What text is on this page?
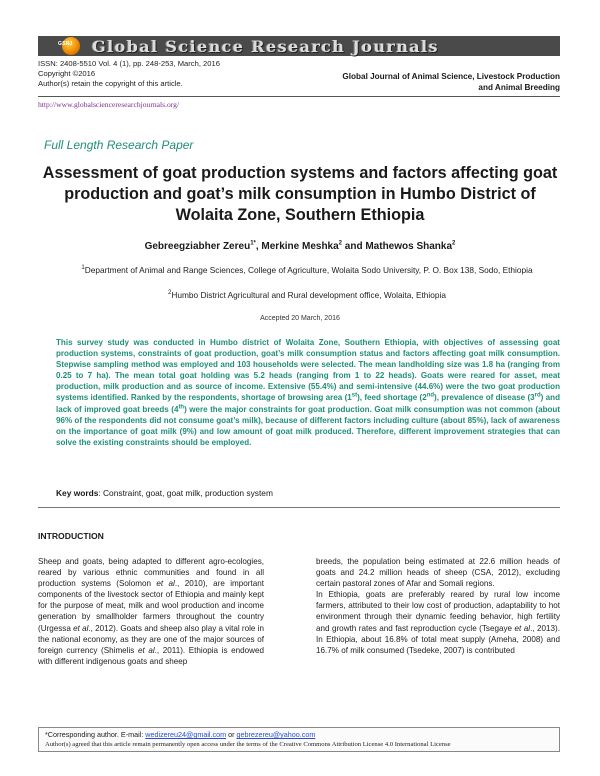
GSRJ Global Science Research Journals
ISSN: 2408-5510 Vol. 4 (1), pp. 248-253, March, 2016
Copyright ©2016
Author(s) retain the copyright of this article.
http://www.globalscienceresearchjournals.org/
Global Journal of Animal Science, Livestock Production
and Animal Breeding
Full Length Research Paper
Assessment of goat production systems and factors affecting goat production and goat’s milk consumption in Humbo District of Wolaita Zone, Southern Ethiopia
Gebreegziabher Zereu$^{1*}$, Merkine Meshka$^2$ and Mathewos Shanka$^2$
$^1$Department of Animal and Range Sciences, College of Agriculture, Wolaita Sodo University, P. O. Box 138, Sodo, Ethiopia
$^2$Humbo District Agricultural and Rural development office, Wolaita, Ethiopia
Accepted 20 March, 2016
This survey study was conducted in Humbo district of Wolaita Zone, Southern Ethiopia, with objectives of assessing goat production systems, constraints of goat production, goat’s milk consumption status and factors affecting goat milk consumption. Stepwise sampling method was employed and 103 households were selected. The mean landholding size was 1.8 ha (ranging from 0.25 to 7 ha). The mean total goat holding was 5.2 heads (ranging from 1 to 22 heads). Goats were reared for asset, meat production, milk production and as source of income. Extensive (55.4%) and semi-intensive (44.6%) were the two goat production systems identified. Ranked by the respondents, shortage of browsing area (1st), feed shortage (2nd), prevalence of disease (3rd) and lack of improved goat breeds (4th) were the major constraints for goat production. Goat milk consumption was not common (about 96% of the respondents did not consume goat’s milk), because of different factors including culture (about 85%), lack of awareness on the importance of goat milk (9%) and low amount of goat milk produced. Therefore, different improvement strategies that can solve the existing constraints should be employed.
Key words: Constraint, goat, goat milk, production system
INTRODUCTION

Sheep and goats, being adapted to different agro-ecologies, reared by various ethnic communities and found in all production systems (Solomon et al., 2010), are important components of the livestock sector of Ethiopia and mainly kept for the purpose of meat, milk and wool production and income generation by smallholder farmers throughout the country (Urgessa et al., 2012). Goats and sheep also play a vital role in the national economy, as they are one of the major sources of foreign currency (Shimelis et al., 2011). Ethiopia is endowed with different indigenous goats and sheep

breeds, the population being estimated at 22.6 million heads of goats and 24.2 million heads of sheep (CSA, 2012), excluding certain pastoral zones of Afar and Somali regions.

In Ethiopia, goats are preferably reared by rural low income farmers, attributed to their low cost of production, adaptability to hot environment through their dynamic feeding behavior, high fertility and growth rates and fast reproduction cycle (Tsegaye et al., 2013). In Ethiopia, about 16.8% of total meat supply (Ameha, 2008) and 16.7% of milk consumed (Tsedeke, 2007) is contributed

*Corresponding author. E-mail: wedizereu24@gmail.com or gebrezereu@yahoo.com
Author(s) agreed that this article remain permanently open access under the terms of the Creative Commons Attribution License 4.0 International License
